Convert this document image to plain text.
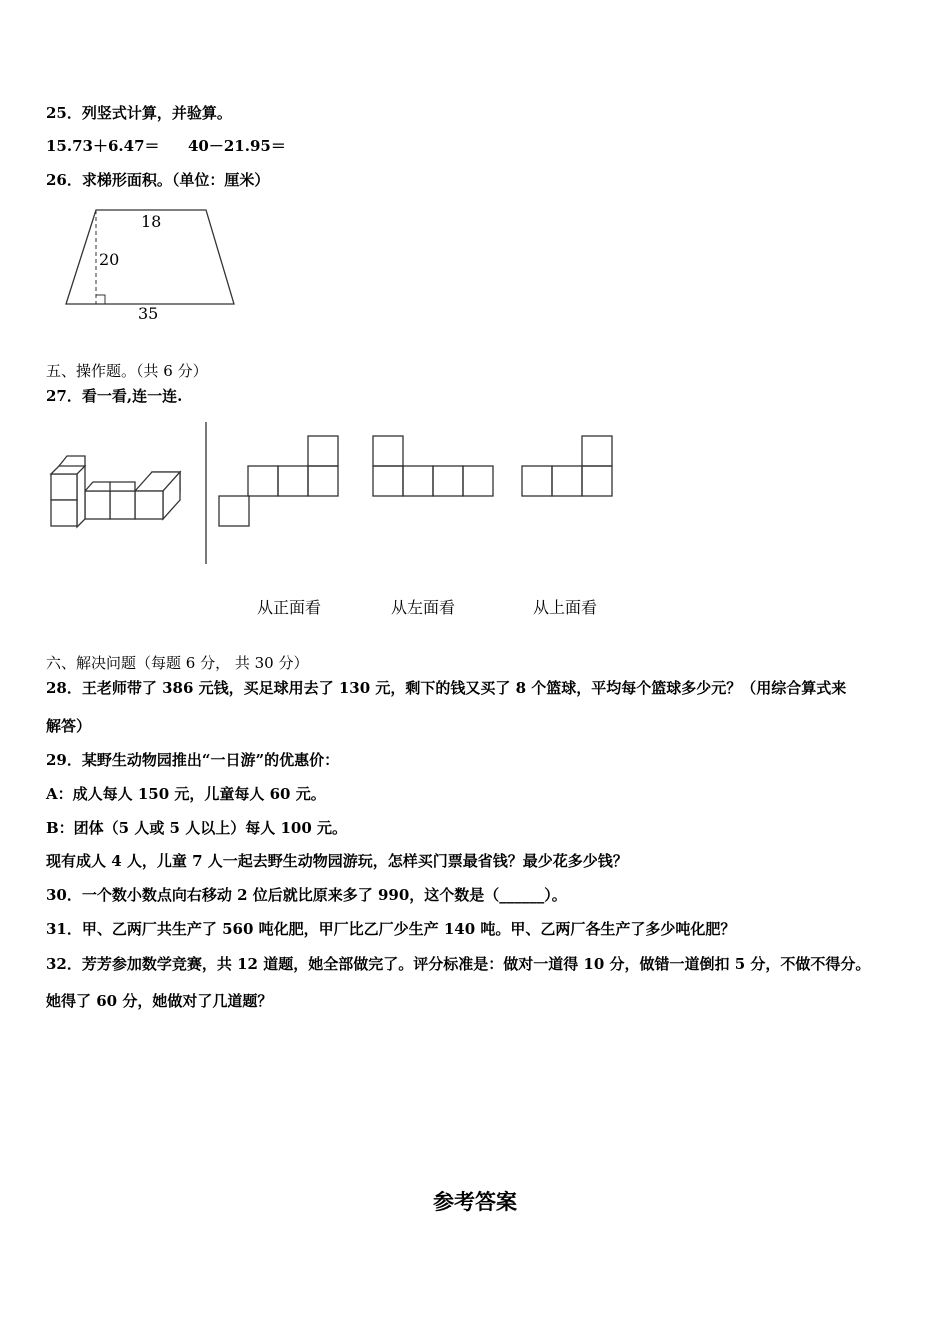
25．列竖式计算，并验算。
15.73＋6.47＝ 40－21.95＝
26．求梯形面积。（单位：厘米）
18
20
35
五、操作题。（共 6 分）
27．看一看,连一连.
从正面看	从左面看	从上面看
六、解决问题（每题 6 分， 共 30 分）
28．王老师带了 386 元钱，买足球用去了 130 元，剩下的钱又买了 8 个篮球，平均每个篮球多少元？（用综合算式来
解答）
29．某野生动物园推出“一日游”的优惠价：
A：成人每人 150 元，儿童每人 60 元。
B：团体（5 人或 5 人以上）每人 100 元。
现有成人 4 人，儿童 7 人一起去野生动物园游玩，怎样买门票最省钱？最少花多少钱？
30．一个数小数点向右移动 2 位后就比原来多了 990，这个数是（______）。
31．甲、乙两厂共生产了 560 吨化肥，甲厂比乙厂少生产 140 吨。甲、乙两厂各生产了多少吨化肥？
32．芳芳参加数学竞赛，共 12 道题，她全部做完了。评分标准是：做对一道得 10 分，做错一道倒扣 5 分，不做不得分。
她得了 60 分，她做对了几道题？
参考答案
